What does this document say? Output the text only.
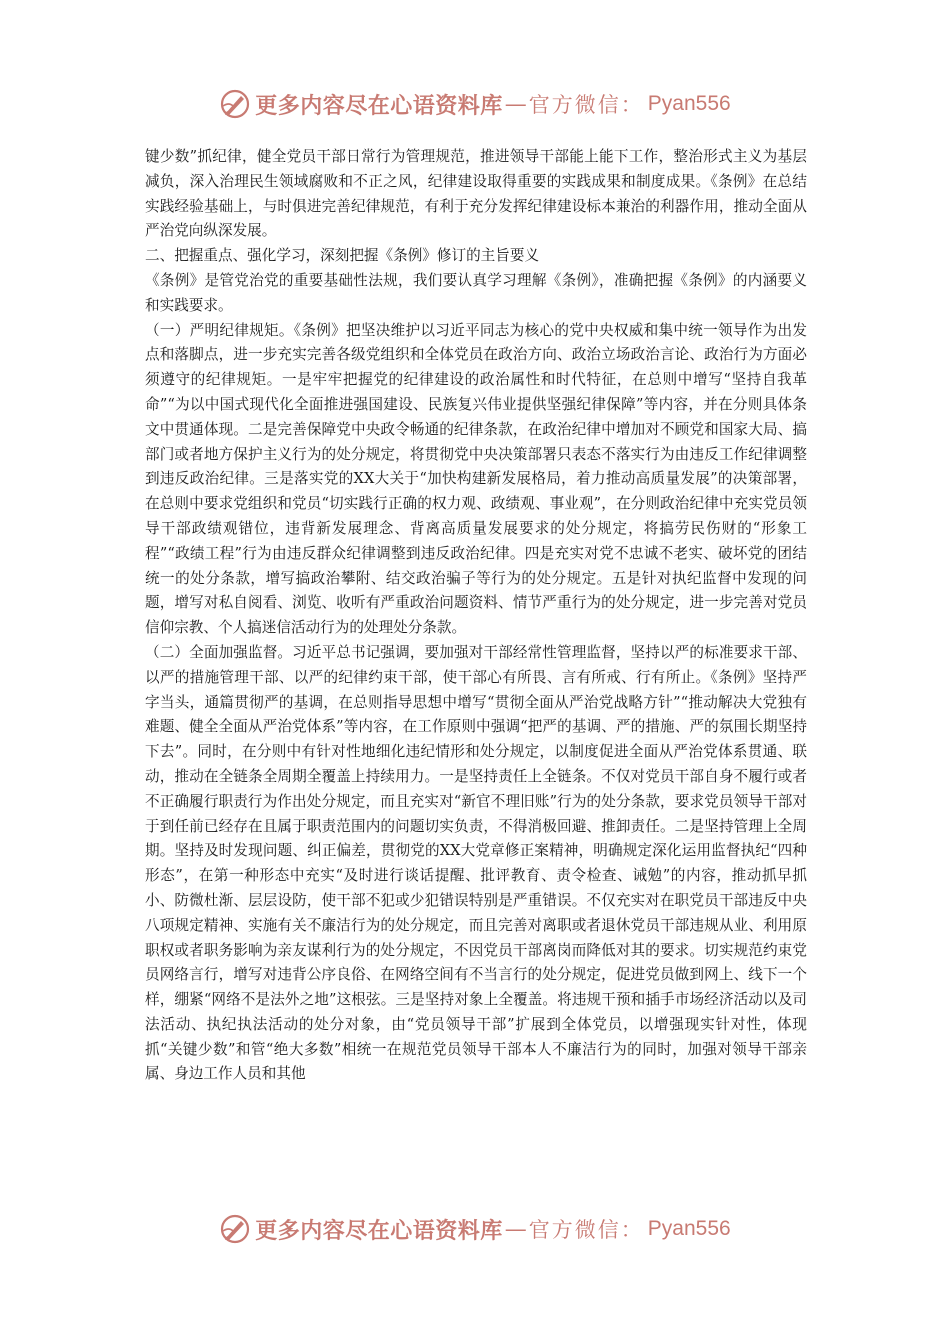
更多内容尽在心语资料库 — 官方微信： Pyan556

键少数”抓纪律，健全党员干部日常行为管理规范，推进领导干部能上能下工作，整治形式主义为基层减负，深入治理民生领域腐败和不正之风，纪律建设取得重要的实践成果和制度成果。《条例》在总结实践经验基础上，与时俱进完善纪律规范，有利于充分发挥纪律建设标本兼治的利器作用，推动全面从严治党向纵深发展。

二、把握重点、强化学习，深刻把握《条例》修订的主旨要义

《条例》是管党治党的重要基础性法规，我们要认真学习理解《条例》，准确把握《条例》的内涵要义和实践要求。

（一）严明纪律规矩。《条例》把坚决维护以习近平同志为核心的党中央权威和集中统一领导作为出发点和落脚点，进一步充实完善各级党组织和全体党员在政治方向、政治立场政治言论、政治行为方面必须遵守的纪律规矩。一是牢牢把握党的纪律建设的政治属性和时代特征，在总则中增写“坚持自我革命”“为以中国式现代化全面推进强国建设、民族复兴伟业提供坚强纪律保障”等内容，并在分则具体条文中贯通体现。二是完善保障党中央政令畅通的纪律条款，在政治纪律中增加对不顾党和国家大局、搞部门或者地方保护主义行为的处分规定，将贯彻党中央决策部署只表态不落实行为由违反工作纪律调整到违反政治纪律。三是落实党的XX大关于“加快构建新发展格局，着力推动高质量发展”的决策部署，在总则中要求党组织和党员“切实践行正确的权力观、政绩观、事业观”，在分则政治纪律中充实党员领导干部政绩观错位，违背新发展理念、背离高质量发展要求的处分规定，将搞劳民伤财的“形象工程”“政绩工程”行为由违反群众纪律调整到违反政治纪律。四是充实对党不忠诚不老实、破坏党的团结统一的处分条款，增写搞政治攀附、结交政治骗子等行为的处分规定。五是针对执纪监督中发现的问题，增写对私自阅看、浏览、收听有严重政治问题资料、情节严重行为的处分规定，进一步完善对党员信仰宗教、个人搞迷信活动行为的处理处分条款。

（二）全面加强监督。习近平总书记强调，要加强对干部经常性管理监督，坚持以严的标准要求干部、以严的措施管理干部、以严的纪律约束干部，使干部心有所畏、言有所戒、行有所止。《条例》坚持严字当头，通篇贯彻严的基调，在总则指导思想中增写“贯彻全面从严治党战略方针”“推动解决大党独有难题、健全全面从严治党体系”等内容，在工作原则中强调“把严的基调、严的措施、严的氛围长期坚持下去”。同时，在分则中有针对性地细化违纪情形和处分规定，以制度促进全面从严治党体系贯通、联动，推动在全链条全周期全覆盖上持续用力。一是坚持责任上全链条。不仅对党员干部自身不履行或者不正确履行职责行为作出处分规定，而且充实对“新官不理旧账”行为的处分条款，要求党员领导干部对于到任前已经存在且属于职责范围内的问题切实负责，不得消极回避、推卸责任。二是坚持管理上全周期。坚持及时发现问题、纠正偏差，贯彻党的XX大党章修正案精神，明确规定深化运用监督执纪“四种形态”，在第一种形态中充实“及时进行谈话提醒、批评教育、责令检查、诫勉”的内容，推动抓早抓小、防微杜渐、层层设防，使干部不犯或少犯错误特别是严重错误。不仅充实对在职党员干部违反中央八项规定精神、实施有关不廉洁行为的处分规定，而且完善对离职或者退休党员干部违规从业、利用原职权或者职务影响为亲友谋利行为的处分规定，不因党员干部离岗而降低对其的要求。切实规范约束党员网络言行，增写对违背公序良俗、在网络空间有不当言行的处分规定，促进党员做到网上、线下一个样，绷紧“网络不是法外之地”这根弦。三是坚持对象上全覆盖。将违规干预和插手市场经济活动以及司法活动、执纪执法活动的处分对象，由“党员领导干部”扩展到全体党员，以增强现实针对性，体现抓“关键少数”和管“绝大多数”相统一在规范党员领导干部本人不廉洁行为的同时，加强对领导干部亲属、身边工作人员和其他

更多内容尽在心语资料库 — 官方微信： Pyan556
